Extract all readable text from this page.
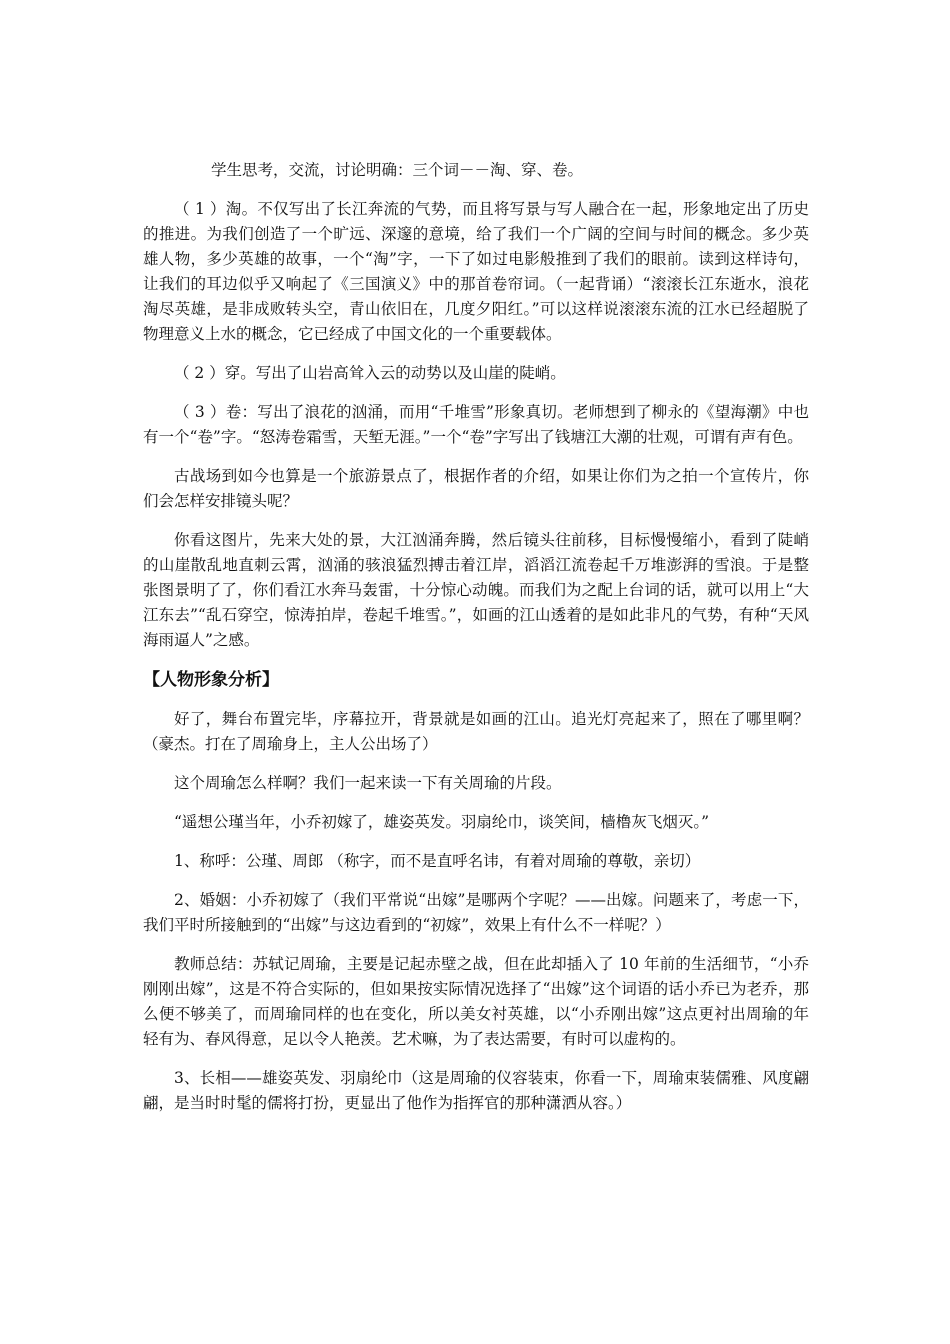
学生思考，交流，讨论明确：三个词－－淘、穿、卷。

（ 1 ）淘。不仅写出了长江奔流的气势，而且将写景与写人融合在一起，形象地定出了历史的推进。为我们创造了一个旷远、深邃的意境，给了我们一个广阔的空间与时间的概念。多少英雄人物，多少英雄的故事，一个“淘”字，一下了如过电影般推到了我们的眼前。读到这样诗句，让我们的耳边似乎又响起了《三国演义》中的那首卷帘词。（一起背诵）“滚滚长江东逝水，浪花淘尽英雄，是非成败转头空，青山依旧在，几度夕阳红。”可以这样说滚滚东流的江水已经超脱了物理意义上水的概念，它已经成了中国文化的一个重要载体。

（ 2 ）穿。写出了山岩高耸入云的动势以及山崖的陡峭。

（ 3 ）卷：写出了浪花的汹涌，而用“千堆雪”形象真切。老师想到了柳永的《望海潮》中也有一个“卷”字。“怒涛卷霜雪，天堑无涯。”一个“卷”字写出了钱塘江大潮的壮观，可谓有声有色。

古战场到如今也算是一个旅游景点了，根据作者的介绍，如果让你们为之拍一个宣传片，你们会怎样安排镜头呢？

你看这图片，先来大处的景，大江汹涌奔腾，然后镜头往前移，目标慢慢缩小，看到了陡峭的山崖散乱地直刺云霄，汹涌的骇浪猛烈搏击着江岸，滔滔江流卷起千万堆澎湃的雪浪。于是整张图景明了了，你们看江水奔马轰雷，十分惊心动魄。而我们为之配上台词的话，就可以用上“大江东去”“乱石穿空，惊涛拍岸，卷起千堆雪。”，如画的江山透着的是如此非凡的气势，有种“天风海雨逼人”之感。

【人物形象分析】

好了，舞台布置完毕，序幕拉开，背景就是如画的江山。追光灯亮起来了，照在了哪里啊？（豪杰。打在了周瑜身上，主人公出场了）

这个周瑜怎么样啊？我们一起来读一下有关周瑜的片段。

“遥想公瑾当年，小乔初嫁了，雄姿英发。羽扇纶巾，谈笑间，樯橹灰飞烟灭。”

1、称呼：公瑾、周郎 （称字，而不是直呼名讳，有着对周瑜的尊敬，亲切）

2、婚姻：小乔初嫁了（我们平常说“出嫁”是哪两个字呢？——出嫁。问题来了，考虑一下，我们平时所接触到的“出嫁”与这边看到的“初嫁”，效果上有什么不一样呢？）

教师总结：苏轼记周瑜，主要是记起赤壁之战，但在此却插入了 10 年前的生活细节，“小乔刚刚出嫁”，这是不符合实际的，但如果按实际情况选择了“出嫁”这个词语的话小乔已为老乔，那么便不够美了，而周瑜同样的也在变化，所以美女衬英雄，以“小乔刚出嫁”这点更衬出周瑜的年轻有为、春风得意，足以令人艳羡。艺术嘛，为了表达需要，有时可以虚构的。

3、长相——雄姿英发、羽扇纶巾（这是周瑜的仪容装束，你看一下，周瑜束装儒雅、风度翩翩，是当时时髦的儒将打扮，更显出了他作为指挥官的那种潇洒从容。）
